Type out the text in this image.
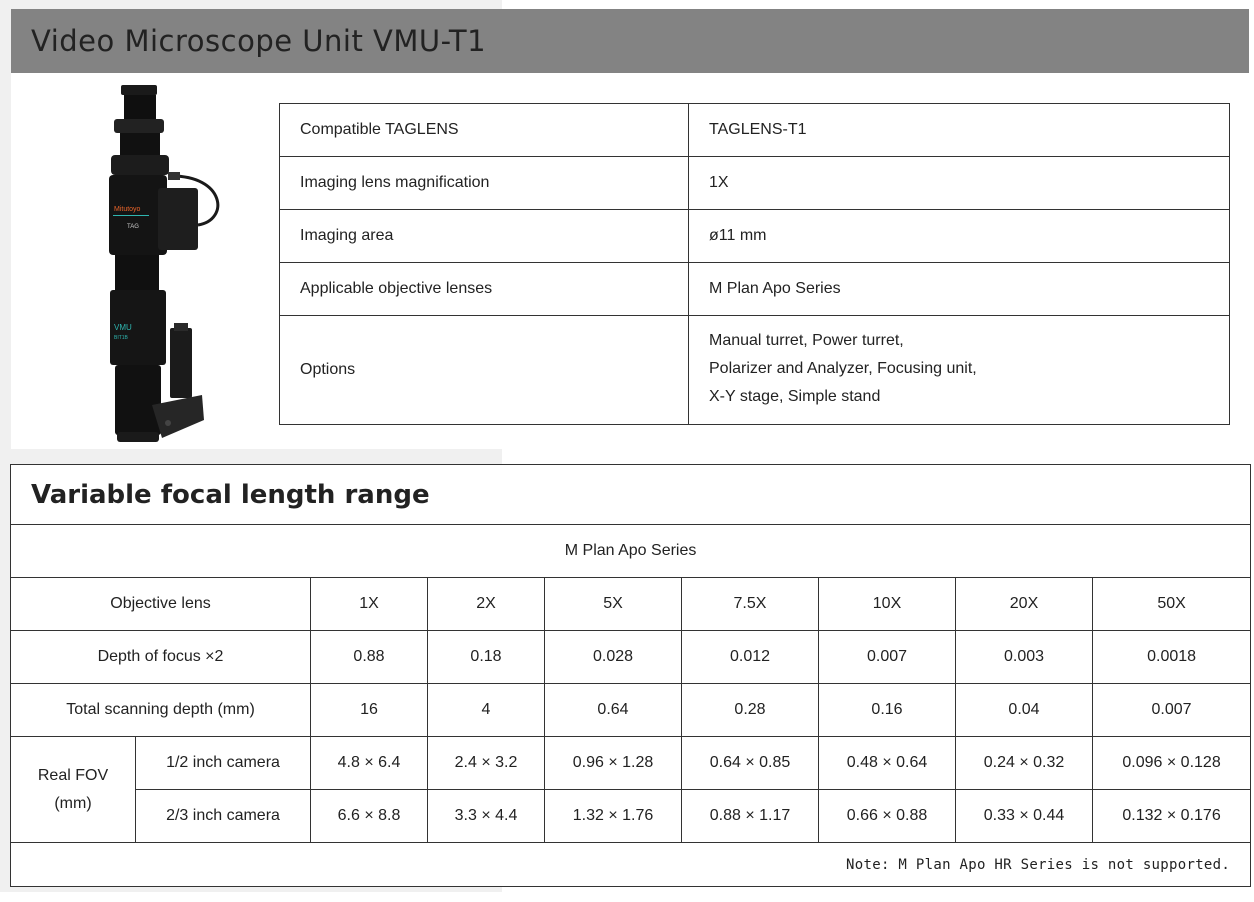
Video Microscope Unit VMU-T1
Mitutoyo
TAG
VMU
BIT1B
Compatible TAGLENS	TAGLENS-T1
Imaging lens magnification	1X
Imaging area	ø11 mm
Applicable objective lenses	M Plan Apo Series
Options	Manual turret, Power turret,
Polarizer and Analyzer, Focusing unit,
X-Y stage, Simple stand
Variable focal length range								
M Plan Apo Series								
Objective lens		1X	2X	5X	7.5X	10X	20X	50X
Depth of focus ×2		0.88	0.18	0.028	0.012	0.007	0.003	0.0018
Total scanning depth (mm)		16	4	0.64	0.28	0.16	0.04	0.007

Real FOV
(mm)	1/2 inch camera	4.8 × 6.4	2.4 × 3.2	0.96 × 1.28	0.64 × 0.85	0.48 × 0.64	0.24 × 0.32	0.096 × 0.128
	2/3 inch camera	6.6 × 8.8	3.3 × 4.4	1.32 × 1.76	0.88 × 1.17	0.66 × 0.88	0.33 × 0.44	0.132 × 0.176
Note: M Plan Apo HR Series is not supported.								
